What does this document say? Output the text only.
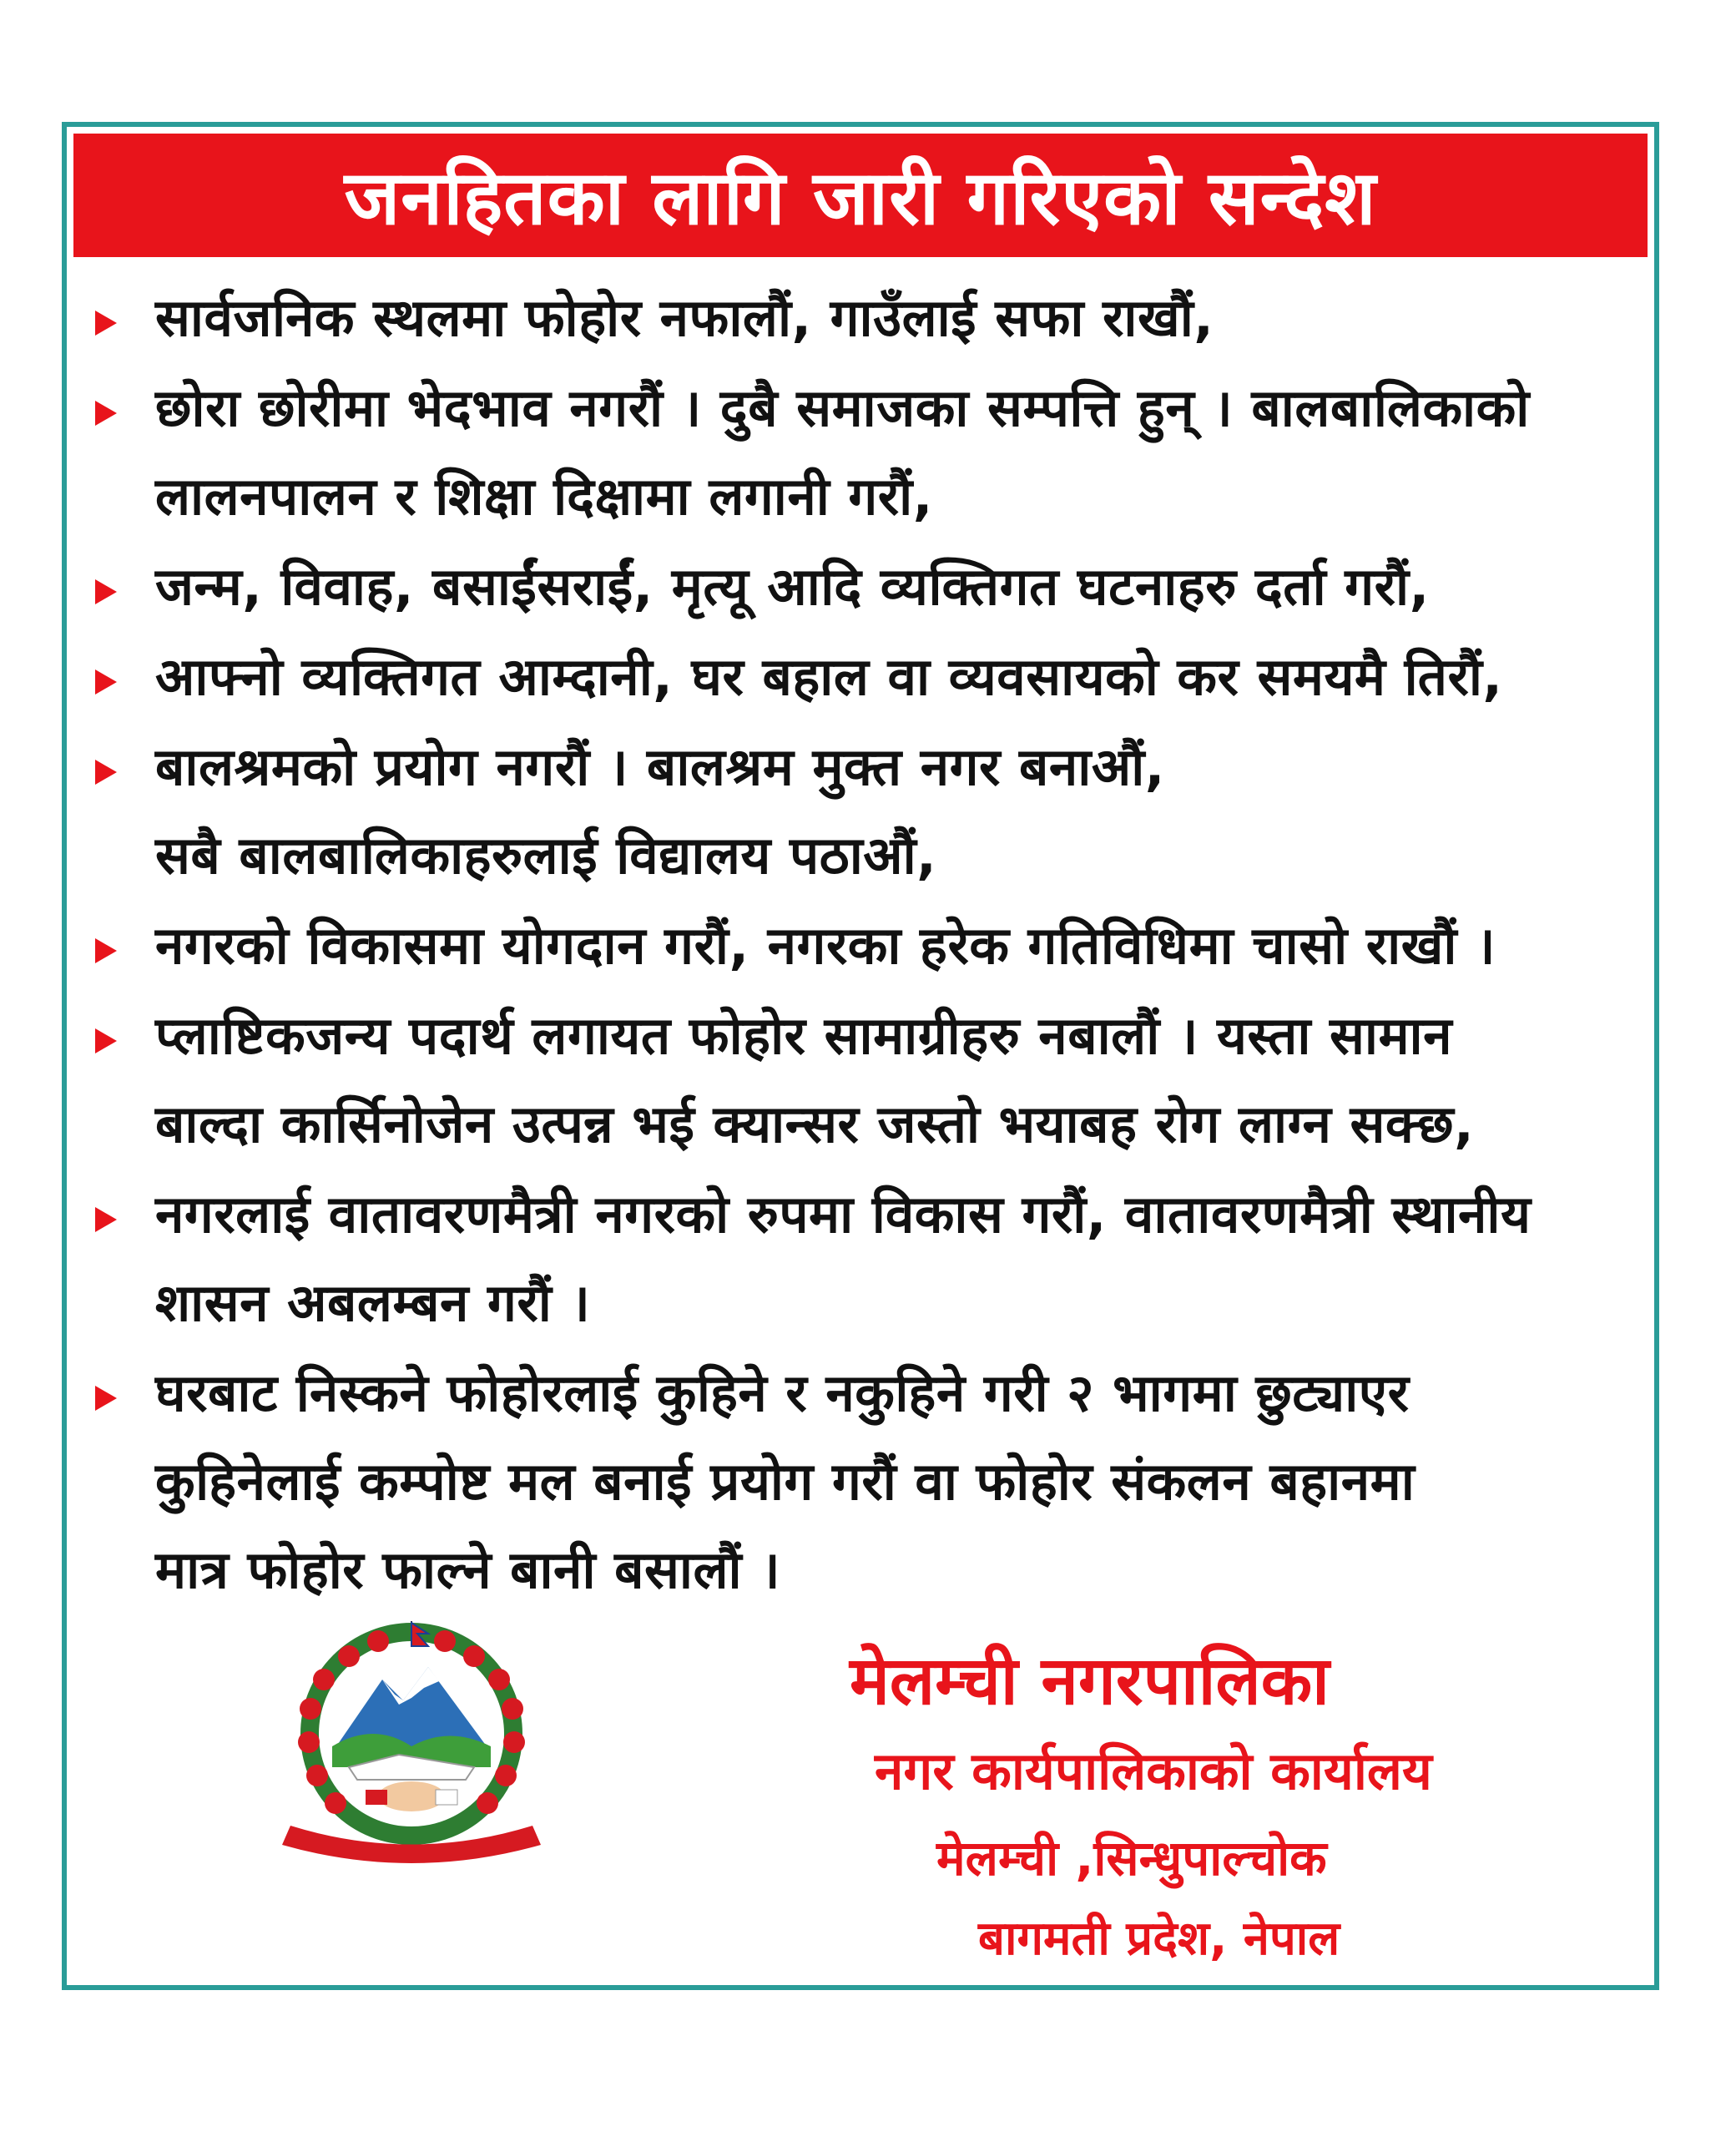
जनहितका लागि जारी गरिएको सन्देश
सार्वजनिक स्थलमा फोहोर नफालौं, गाउँलाई सफा राखौं,
छोरा छोरीमा भेदभाव नगरौं । दुबै समाजका सम्पत्ति हुन् । बालबालिकाको
लालनपालन र शिक्षा दिक्षामा लगानी गरौं,
जन्म, विवाह, बसाईंसराईं, मृत्यू आदि व्यक्तिगत घटनाहरु दर्ता गरौं,
आफ्नो व्यक्तिगत आम्दानी, घर बहाल वा व्यवसायको कर समयमै तिरौं,
बालश्रमको प्रयोग नगरौं । बालश्रम मुक्त नगर बनाऔं,
सबै बालबालिकाहरुलाई विद्यालय पठाऔं,
नगरको विकासमा योगदान गरौं, नगरका हरेक गतिविधिमा चासो राखौं ।
प्लाष्टिकजन्य पदार्थ लगायत फोहोर सामाग्रीहरु नबालौं । यस्ता सामान
बाल्दा कार्सिनोजेन उत्पन्न भई क्यान्सर जस्तो भयाबह रोग लाग्न सक्छ,
नगरलाई वातावरणमैत्री नगरको रुपमा विकास गरौं, वातावरणमैत्री स्थानीय
शासन अबलम्बन गरौं ।
घरबाट निस्कने फोहोरलाई कुहिने र नकुहिने गरी २ भागमा छुट्याएर
कुहिनेलाई कम्पोष्ट मल बनाई प्रयोग गरौं वा फोहोर संकलन बहानमा
मात्र फोहोर फाल्ने बानी बसालौं ।
मेलम्ची नगरपालिका
नगर कार्यपालिकाको कार्यालय
मेलम्ची ,सिन्धुपाल्चोक
बागमती प्रदेश, नेपाल
